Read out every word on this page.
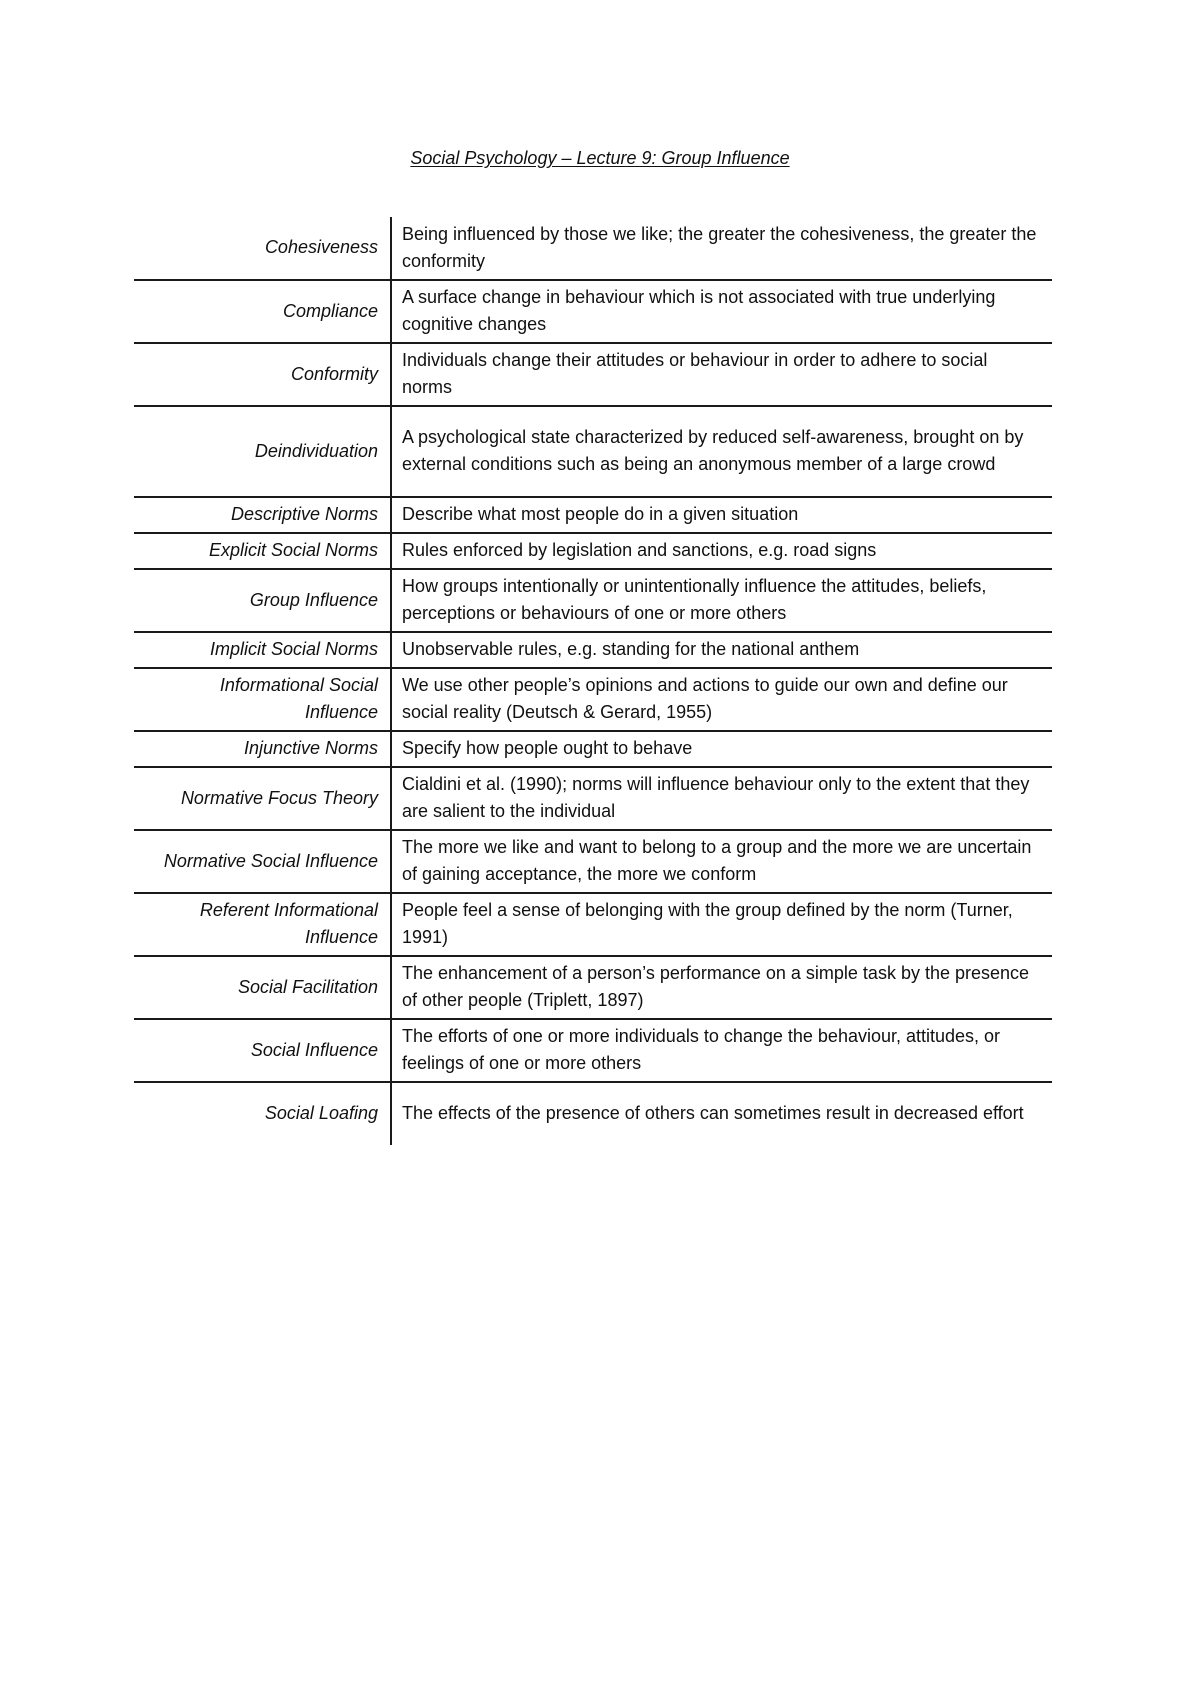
Social Psychology – Lecture 9: Group Influence
Cohesiveness	Being influenced by those we like; the greater the cohesiveness, the greater the conformity
Compliance	A surface change in behaviour which is not associated with true underlying cognitive changes
Conformity	Individuals change their attitudes or behaviour in order to adhere to social norms
Deindividuation	A psychological state characterized by reduced self-awareness, brought on by external conditions such as being an anonymous member of a large crowd
Descriptive Norms	Describe what most people do in a given situation
Explicit Social Norms	Rules enforced by legislation and sanctions, e.g. road signs
Group Influence	How groups intentionally or unintentionally influence the attitudes, beliefs, perceptions or behaviours of one or more others
Implicit Social Norms	Unobservable rules, e.g. standing for the national anthem
Informational Social Influence	We use other people’s opinions and actions to guide our own and define our social reality (Deutsch & Gerard, 1955)
Injunctive Norms	Specify how people ought to behave
Normative Focus Theory	Cialdini et al. (1990); norms will influence behaviour only to the extent that they are salient to the individual
Normative Social Influence	The more we like and want to belong to a group and the more we are uncertain of gaining acceptance, the more we conform
Referent Informational Influence	People feel a sense of belonging with the group defined by the norm (Turner, 1991)
Social Facilitation	The enhancement of a person’s performance on a simple task by the presence of other people (Triplett, 1897)
Social Influence	The efforts of one or more individuals to change the behaviour, attitudes, or feelings of one or more others
Social Loafing	The effects of the presence of others can sometimes result in decreased effort
